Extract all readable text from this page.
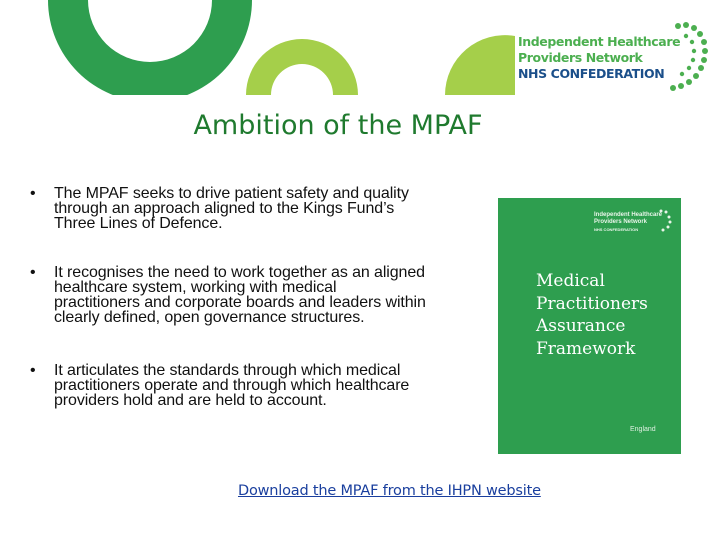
Independent Healthcare
Providers Network
NHS CONFEDERATION
Ambition of the MPAF
• The MPAF seeks to drive patient safety and quality through an approach aligned to the Kings Fund’s Three Lines of Defence.
• It recognises the need to work together as an aligned healthcare system, working with medical practitioners and corporate boards and leaders within clearly defined, open governance structures.
• It articulates the standards through which medical practitioners operate and through which healthcare providers hold and are held to account.
Independent Healthcare
Providers Network
NHS CONFEDERATION
Medical
Practitioners
Assurance
Framework
England
Download the MPAF from the IHPN website
